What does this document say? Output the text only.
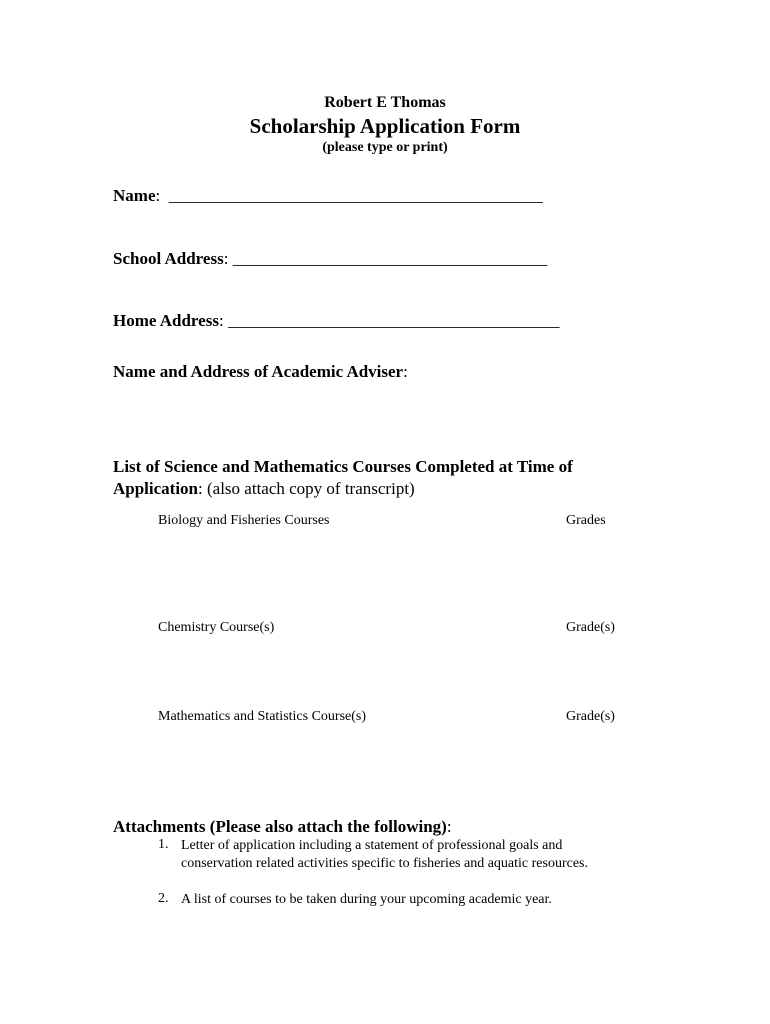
Robert E Thomas
Scholarship Application Form
(please type or print)
Name: ____________________________________________
School Address: _____________________________________
Home Address: _______________________________________
Name and Address of Academic Adviser:
List of Science and Mathematics Courses Completed at Time of
Application: (also attach copy of transcript)
Biology and Fisheries Courses	Grades
Chemistry Course(s)	Grade(s)
Mathematics and Statistics Course(s)	Grade(s)
Attachments (Please also attach the following):
1. Letter of application including a statement of professional goals and
conservation related activities specific to fisheries and aquatic resources.
2. A list of courses to be taken during your upcoming academic year.
